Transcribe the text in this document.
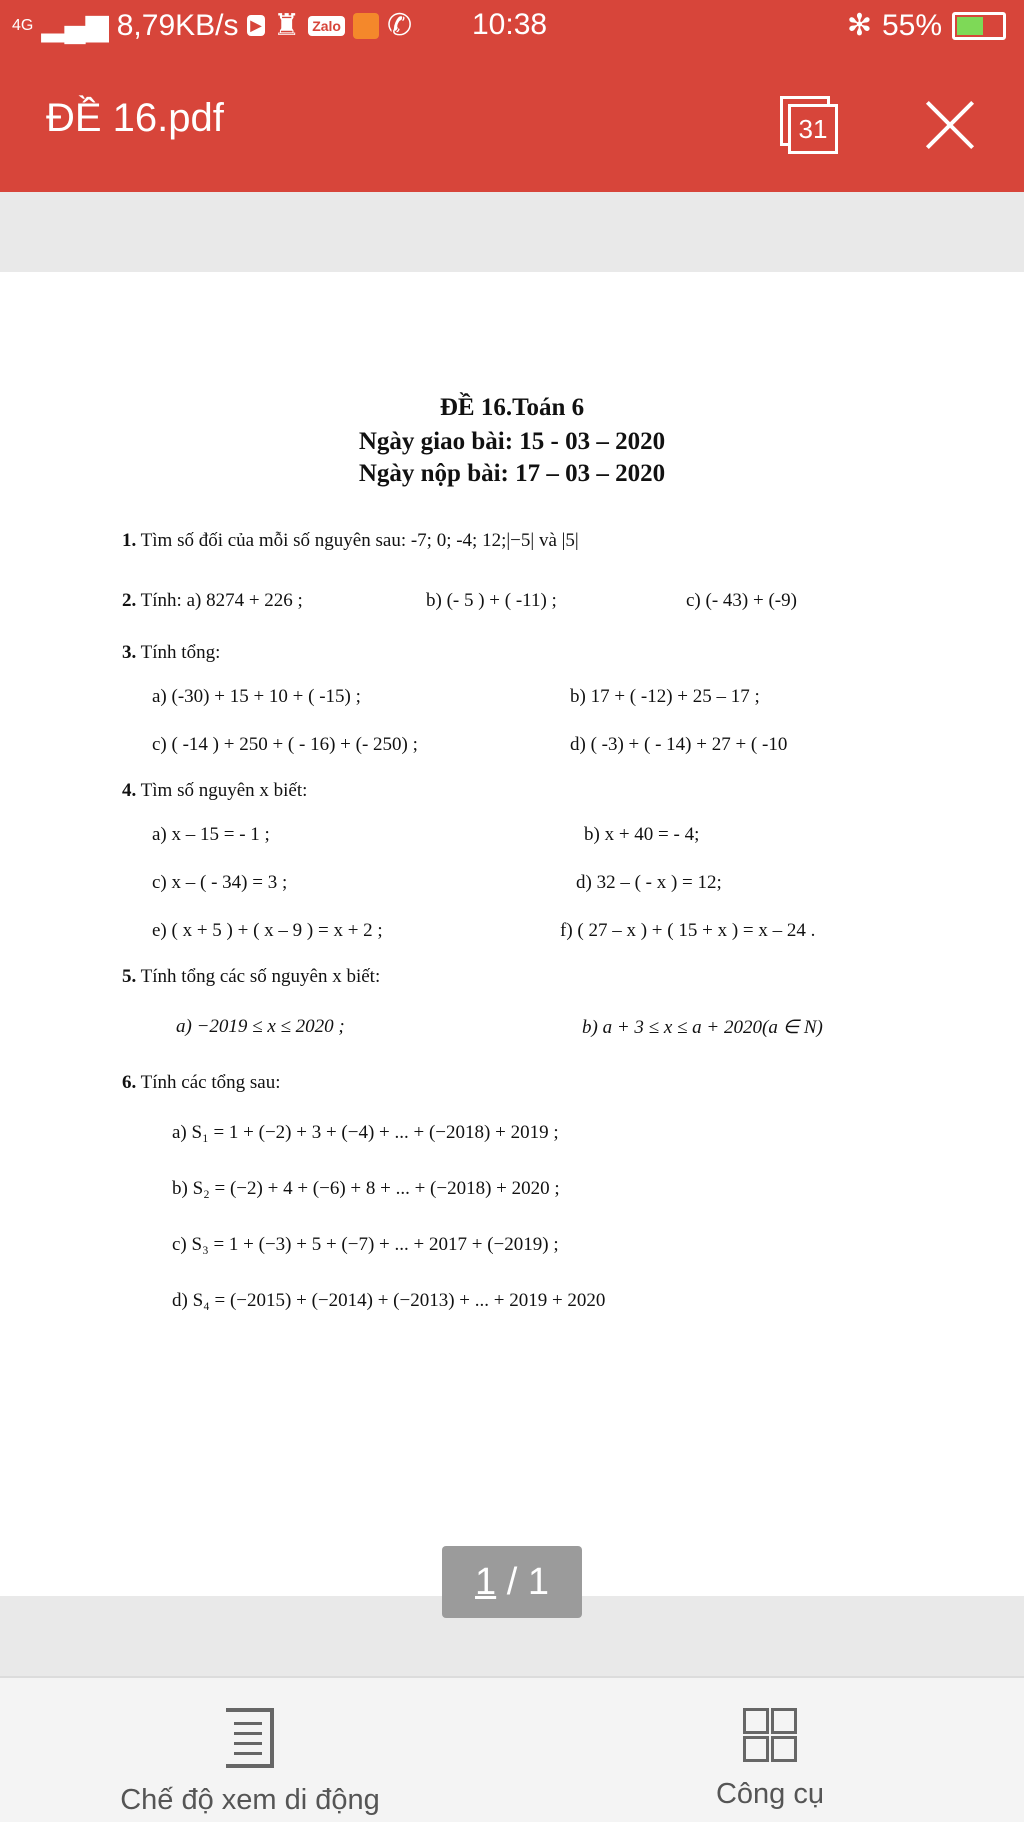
4G ▂▄▆ 8,79KB/s ▶ ♜ Zalo ✆ 10:38	✻ 55%
ĐỀ 16.pdf	31
ĐỀ 16.Toán 6
Ngày giao bài: 15 - 03 – 2020
Ngày nộp bài: 17 – 03 – 2020
1. Tìm số đối của mỗi số nguyên sau: -7; 0; -4; 12;|−5| và |5|
2. Tính: a) 8274 + 226 ;	b) (- 5 ) + ( -11) ;	c) (- 43) + (-9)
3. Tính tổng:
a) (-30) + 15 + 10 + ( -15) ;	b) 17 + ( -12) + 25 – 17 ;
c) ( -14 ) + 250 + ( - 16) + (- 250) ;	d) ( -3) + ( - 14) + 27 + ( -10
4. Tìm số nguyên x biết:
a) x – 15 = - 1 ;	b) x + 40 = - 4;
c) x – ( - 34) = 3 ;	d) 32 – ( - x ) = 12;
e) ( x + 5 ) + ( x – 9 ) = x + 2 ;	f) ( 27 – x ) + ( 15 + x ) = x – 24 .
5. Tính tổng các số nguyên x biết:
a) −2019 ≤ x ≤ 2020 ;	b) a + 3 ≤ x ≤ a + 2020(a ∈ N)
6. Tính các tổng sau:
a) S₁ = 1 + (−2) + 3 + (−4) + ... + (−2018) + 2019 ;
b) S₂ = (−2) + 4 + (−6) + 8 + ... + (−2018) + 2020 ;
c) S₃ = 1 + (−3) + 5 + (−7) + ... + 2017 + (−2019) ;
d) S₄ = (−2015) + (−2014) + (−2013) + ... + 2019 + 2020
1 / 1
Chế độ xem di động	Công cụ
